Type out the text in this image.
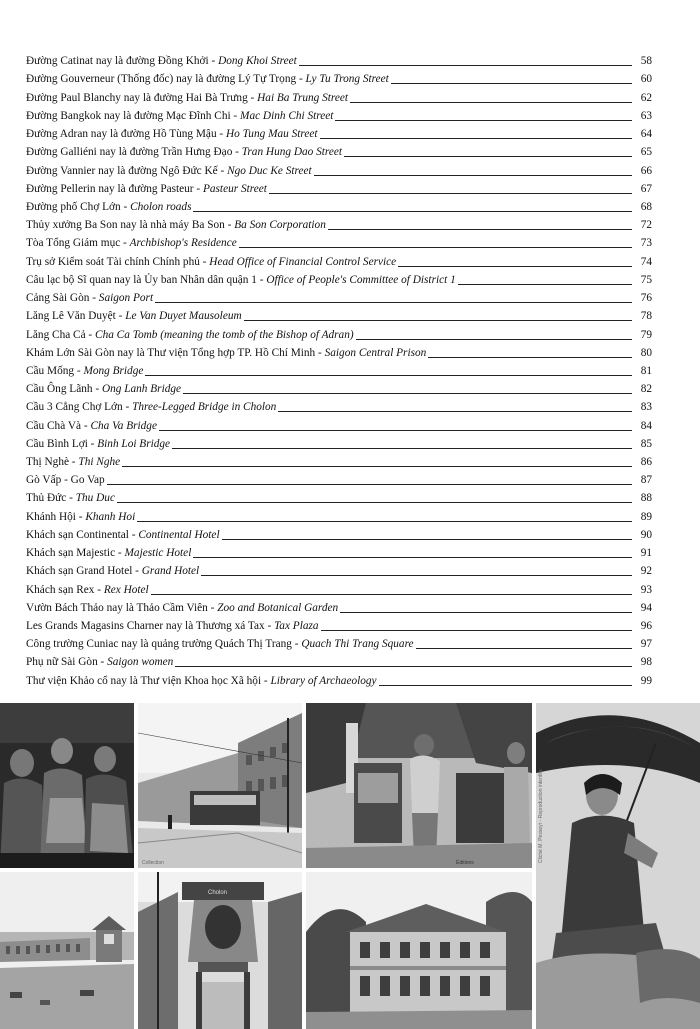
Đường Catinat nay là đường Đồng Khởi - Dong Khoi Street	58
Đường Gouverneur (Thống đốc) nay là đường Lý Tự Trọng - Ly Tu Trong Street	60
Đường Paul Blanchy nay là đường Hai Bà Trưng - Hai Ba Trung Street	62
Đường Bangkok nay là đường Mạc Đĩnh Chi - Mac Dinh Chi Street	63
Đường Adran nay là đường Hồ Tùng Mậu - Ho Tung Mau Street	64
Đường Galliéni nay là đường Trần Hưng Đạo - Tran Hung Dao Street	65
Đường Vannier nay là đường Ngô Đức Kế - Ngo Duc Ke Street	66
Đường Pellerin nay là đường Pasteur - Pasteur Street	67
Đường phố Chợ Lớn - Cholon roads	68
Thủy xưởng Ba Son nay là nhà máy Ba Son - Ba Son Corporation	72
Tòa Tổng Giám mục - Archbishop's Residence	73
Trụ sở Kiểm soát Tài chính Chính phủ - Head Office of Financial Control Service	74
Câu lạc bộ Sĩ quan nay là Ủy ban Nhân dân quận 1 - Office of People's Committee of District 1	75
Cảng Sài Gòn - Saigon Port	76
Lăng Lê Văn Duyệt - Le Van Duyet Mausoleum	78
Lăng Cha Cả - Cha Ca Tomb (meaning the tomb of the Bishop of Adran)	79
Khám Lớn Sài Gòn nay là Thư viện Tổng hợp TP. Hồ Chí Minh - Saigon Central Prison	80
Cầu Mống - Mong Bridge	81
Cầu Ông Lãnh - Ong Lanh Bridge	82
Cầu 3 Cẳng Chợ Lớn - Three-Legged Bridge in Cholon	83
Cầu Chà Và - Cha Va Bridge	84
Cầu Bình Lợi - Binh Loi Bridge	85
Thị Nghè - Thi Nghe	86
Gò Vấp - Go Vap	87
Thủ Đức - Thu Duc	88
Khánh Hội - Khanh Hoi	89
Khách sạn Continental - Continental Hotel	90
Khách sạn Majestic - Majestic Hotel	91
Khách sạn Grand Hotel - Grand Hotel	92
Khách sạn Rex - Rex Hotel	93
Vườn Bách Thảo nay là Thảo Cầm Viên - Zoo and Botanical Garden	94
Les Grands Magasins Charner nay là Thương xá Tax - Tax Plaza	96
Công trường Cuniac nay là quảng trường Quách Thị Trang - Quach Thi Trang Square	97
Phụ nữ Sài Gòn - Saigon women	98
Thư viện Khảo cổ nay là Thư viện Khoa học Xã hội - Library of Archaeology	99
Collection	Éditions	Cliché M. Pesseyr - Reproduction interdite
Cholon
